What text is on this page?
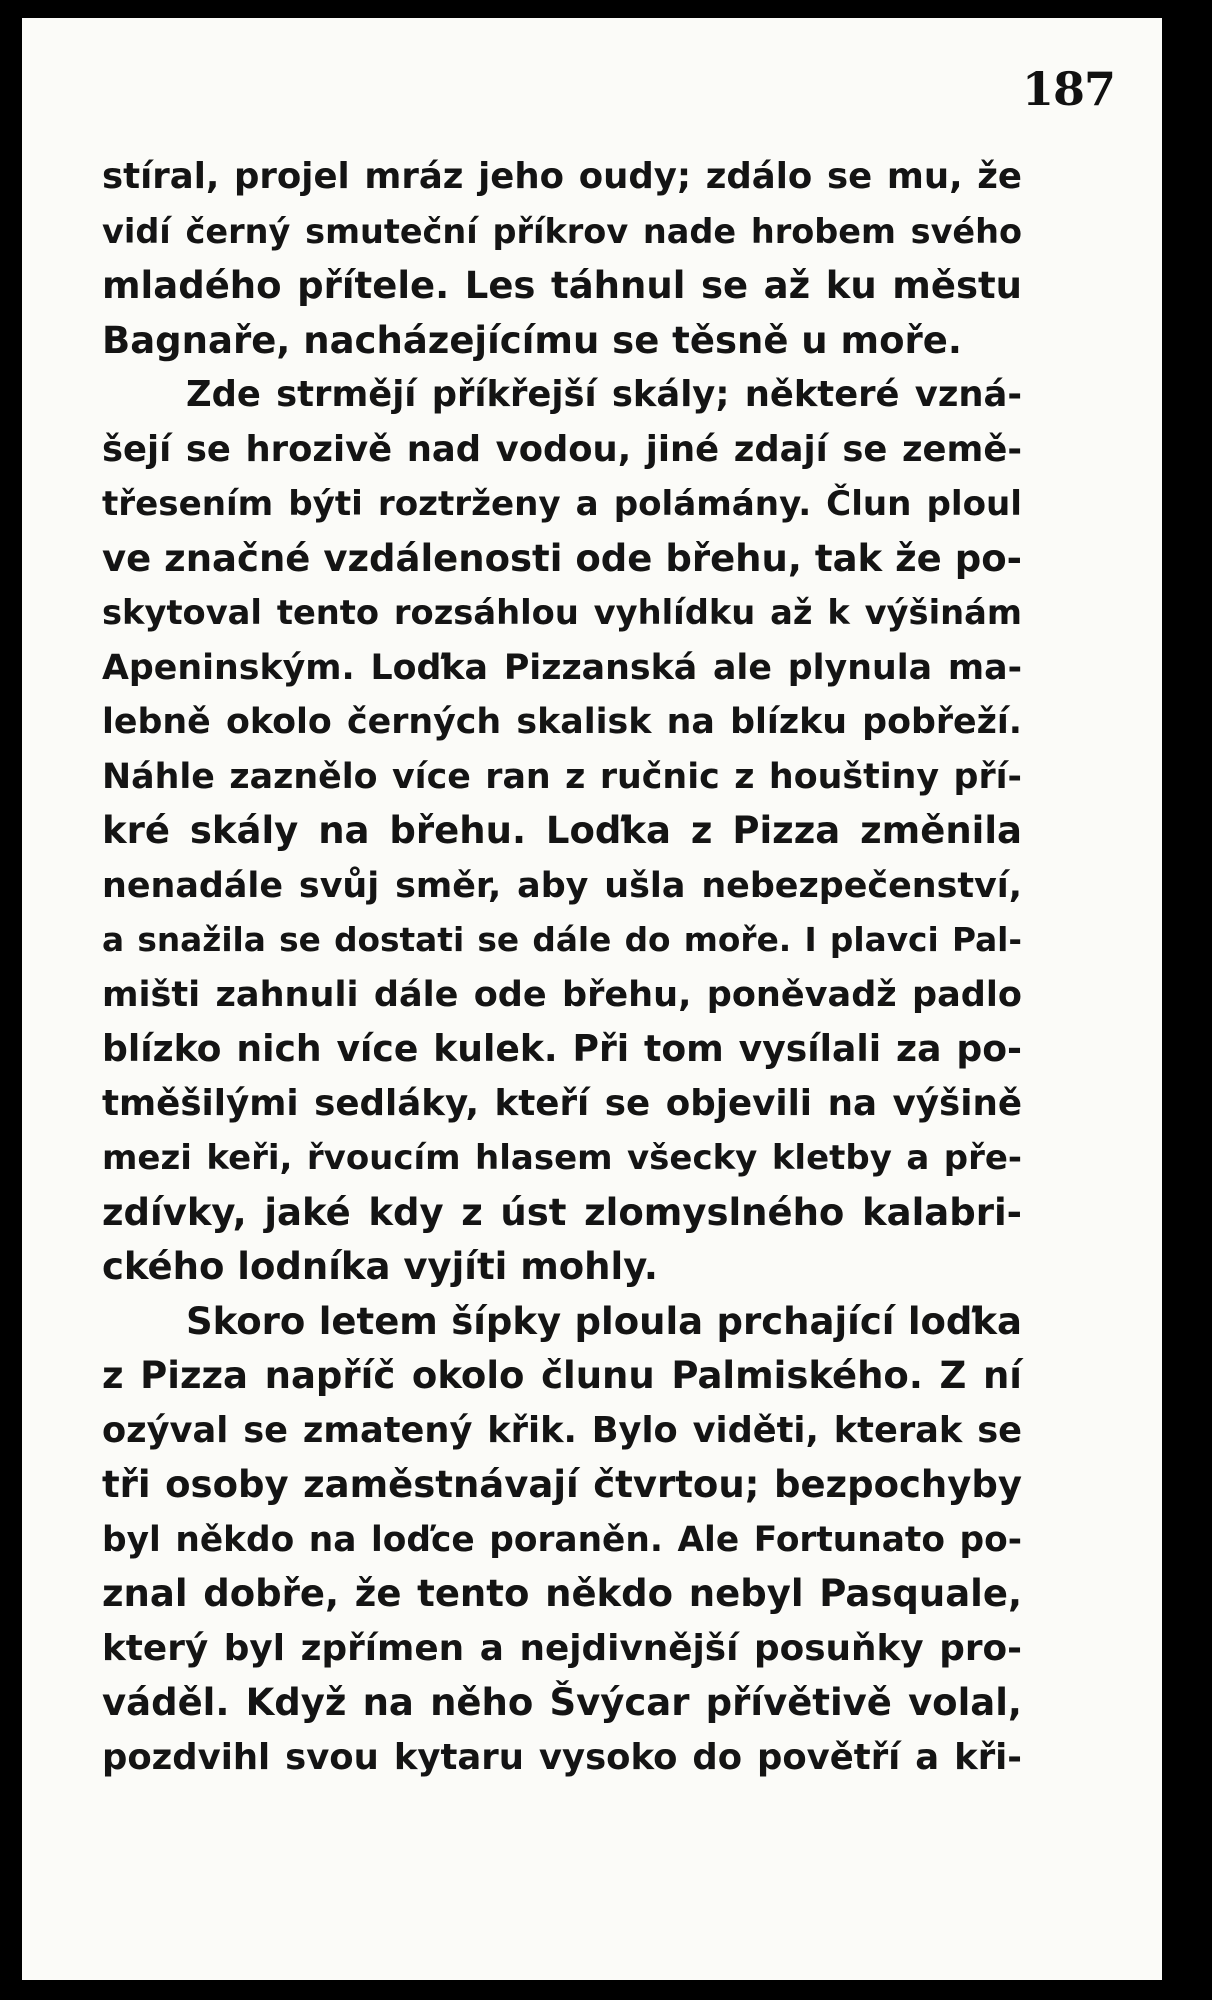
187
stíral, projel mráz jeho oudy; zdálo se mu, že
vidí černý smuteční příkrov nade hrobem svého
mladého přítele. Les táhnul se až ku městu
Bagnaře, nacházejícímu se těsně u moře.
Zde strmějí příkřejší skály; některé vzná-
šejí se hrozivě nad vodou, jiné zdají se země-
třesením býti roztrženy a polámány. Člun ploul
ve značné vzdálenosti ode břehu, tak že po-
skytoval tento rozsáhlou vyhlídku až k výšinám
Apeninským. Loďka Pizzanská ale plynula ma-
lebně okolo černých skalisk na blízku pobřeží.
Náhle zaznělo více ran z ručnic z houštiny pří-
kré skály na břehu. Loďka z Pizza změnila
nenadále svůj směr, aby ušla nebezpečenství,
a snažila se dostati se dále do moře. I plavci Pal-
mišti zahnuli dále ode břehu, poněvadž padlo
blízko nich více kulek. Při tom vysílali za po-
tměšilými sedláky, kteří se objevili na výšině
mezi keři, řvoucím hlasem všecky kletby a pře-
zdívky, jaké kdy z úst zlomyslného kalabri-
ckého lodníka vyjíti mohly.
Skoro letem šípky ploula prchající loďka
z Pizza napříč okolo člunu Palmiského. Z ní
ozýval se zmatený křik. Bylo viděti, kterak se
tři osoby zaměstnávají čtvrtou; bezpochyby
byl někdo na loďce poraněn. Ale Fortunato po-
znal dobře, že tento někdo nebyl Pasquale,
který byl zpřímen a nejdivnější posuňky pro-
váděl. Když na něho Švýcar přívětivě volal,
pozdvihl svou kytaru vysoko do povětří a kři-
